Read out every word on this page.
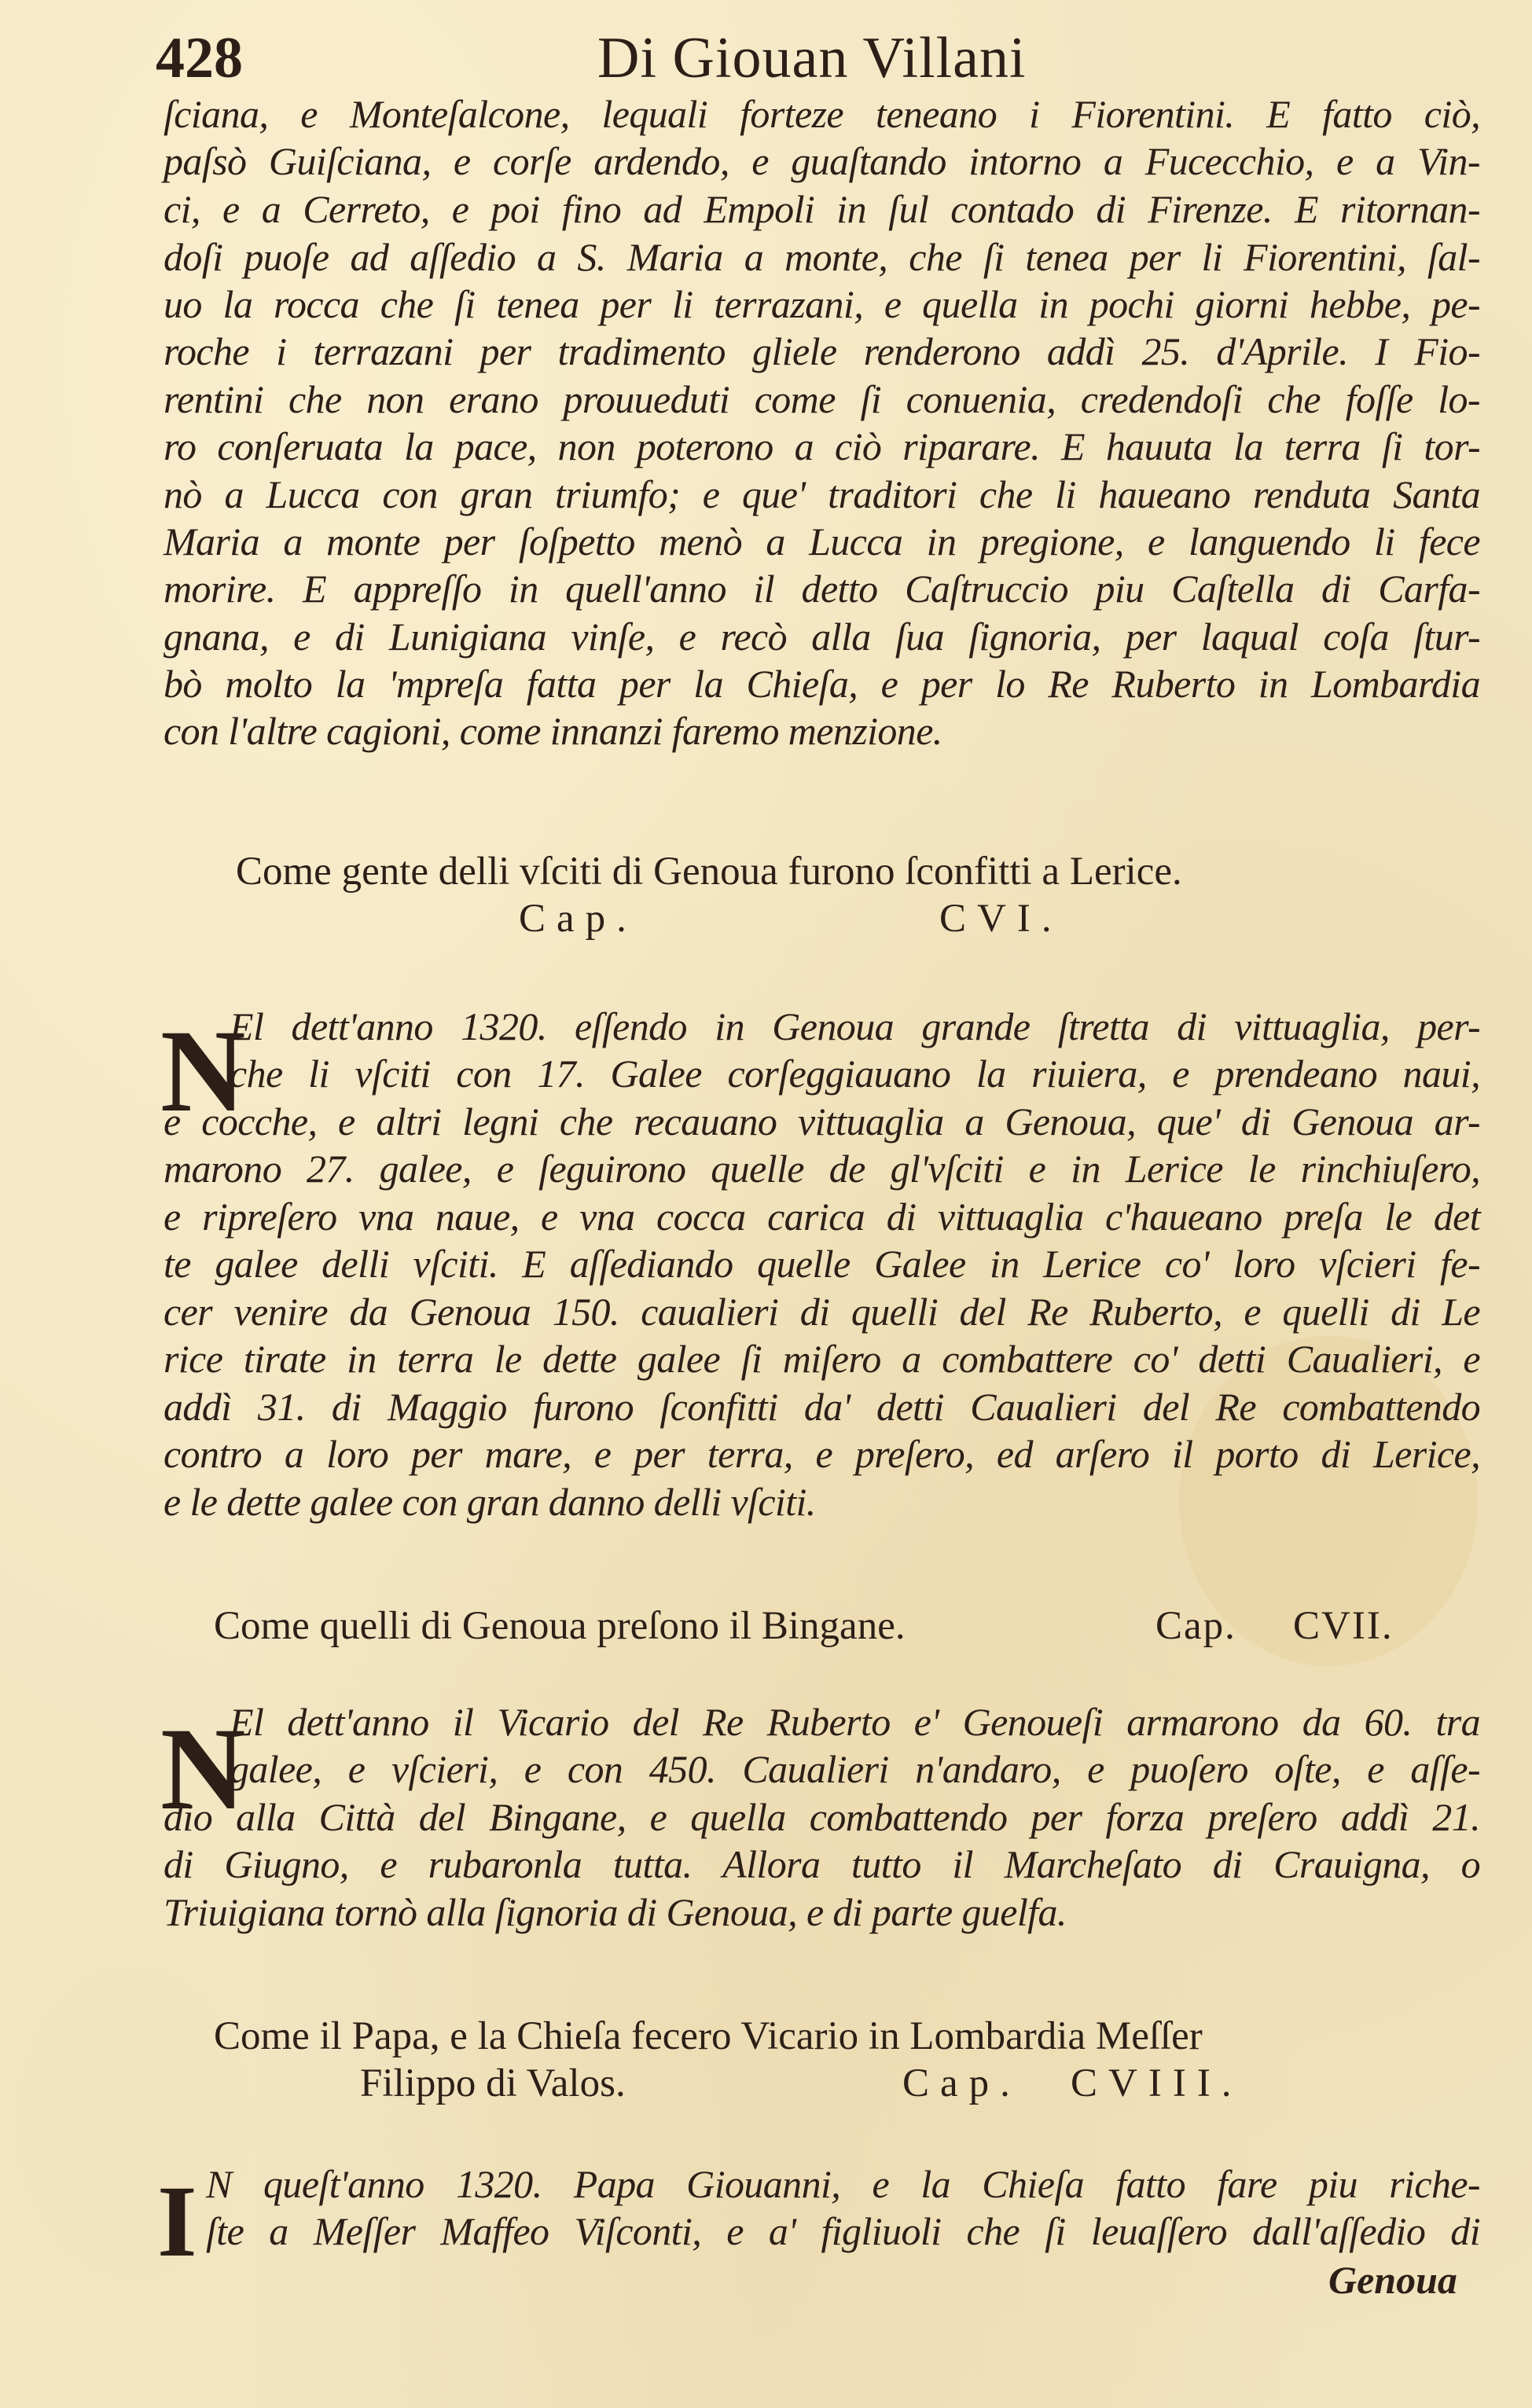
428	Di Giouan Villani
ſciana, e Monteſalcone, lequali forteze teneano i Fiorentini. E fatto ciò,
paſsò Guiſciana, e corſe ardendo, e guaſtando intorno a Fucecchio, e a Vin-
ci, e a Cerreto, e poi fino ad Empoli in ſul contado di Firenze. E ritornan-
doſi puoſe ad aſſedio a S. Maria a monte, che ſi tenea per li Fiorentini, ſal-
uo la rocca che ſi tenea per li terrazani, e quella in pochi giorni hebbe, pe-
roche i terrazani per tradimento gliele renderono addì 25. d'Aprile. I Fio-
rentini che non erano prouueduti come ſi conuenia, credendoſi che foſſe lo-
ro conſeruata la pace, non poterono a ciò riparare. E hauuta la terra ſi tor-
nò a Lucca con gran triumfo; e que' traditori che li haueano renduta Santa
Maria a monte per ſoſpetto menò a Lucca in pregione, e languendo li fece
morire. E appreſſo in quell'anno il detto Caſtruccio piu Caſtella di Carfa-
gnana, e di Lunigiana vinſe, e recò alla ſua ſignoria, per laqual coſa ſtur-
bò molto la 'mpreſa fatta per la Chieſa, e per lo Re Ruberto in Lombardia
con l'altre cagioni, come innanzi faremo menzione.
Come gente delli vſciti di Genoua furono ſconfitti a Lerice.
Cap.	CVI.
N
El dett'anno 1320. eſſendo in Genoua grande ſtretta di vittuaglia, per-
che li vſciti con 17. Galee corſeggiauano la riuiera, e prendeano naui,
e cocche, e altri legni che recauano vittuaglia a Genoua, que' di Genoua ar-
marono 27. galee, e ſeguirono quelle de gl'vſciti e in Lerice le rinchiuſero,
e ripreſero vna naue, e vna cocca carica di vittuaglia c'haueano preſa le det
te galee delli vſciti. E aſſediando quelle Galee in Lerice co' loro vſcieri fe-
cer venire da Genoua 150. caualieri di quelli del Re Ruberto, e quelli di Le
rice tirate in terra le dette galee ſi miſero a combattere co' detti Caualieri, e
addì 31. di Maggio furono ſconfitti da' detti Caualieri del Re combattendo
contro a loro per mare, e per terra, e preſero, ed arſero il porto di Lerice,
e le dette galee con gran danno delli vſciti.
Come quelli di Genoua preſono il Bingane.	Cap. CVII.
N
El dett'anno il Vicario del Re Ruberto e' Genoueſi armarono da 60. tra
galee, e vſcieri, e con 450. Caualieri n'andaro, e puoſero oſte, e aſſe-
dio alla Città del Bingane, e quella combattendo per forza preſero addì 21.
di Giugno, e rubaronla tutta. Allora tutto il Marcheſato di Crauigna, o
Triuigiana tornò alla ſignoria di Genoua, e di parte guelfa.
Come il Papa, e la Chieſa fecero Vicario in Lombardia Meſſer
Filippo di Valos.	Cap. CVIII.
I N queſt'anno 1320. Papa Giouanni, e la Chieſa fatto fare piu riche-
ſte a Meſſer Maffeo Viſconti, e a' figliuoli che ſi leuaſſero dall'aſſedio di
Genoua
